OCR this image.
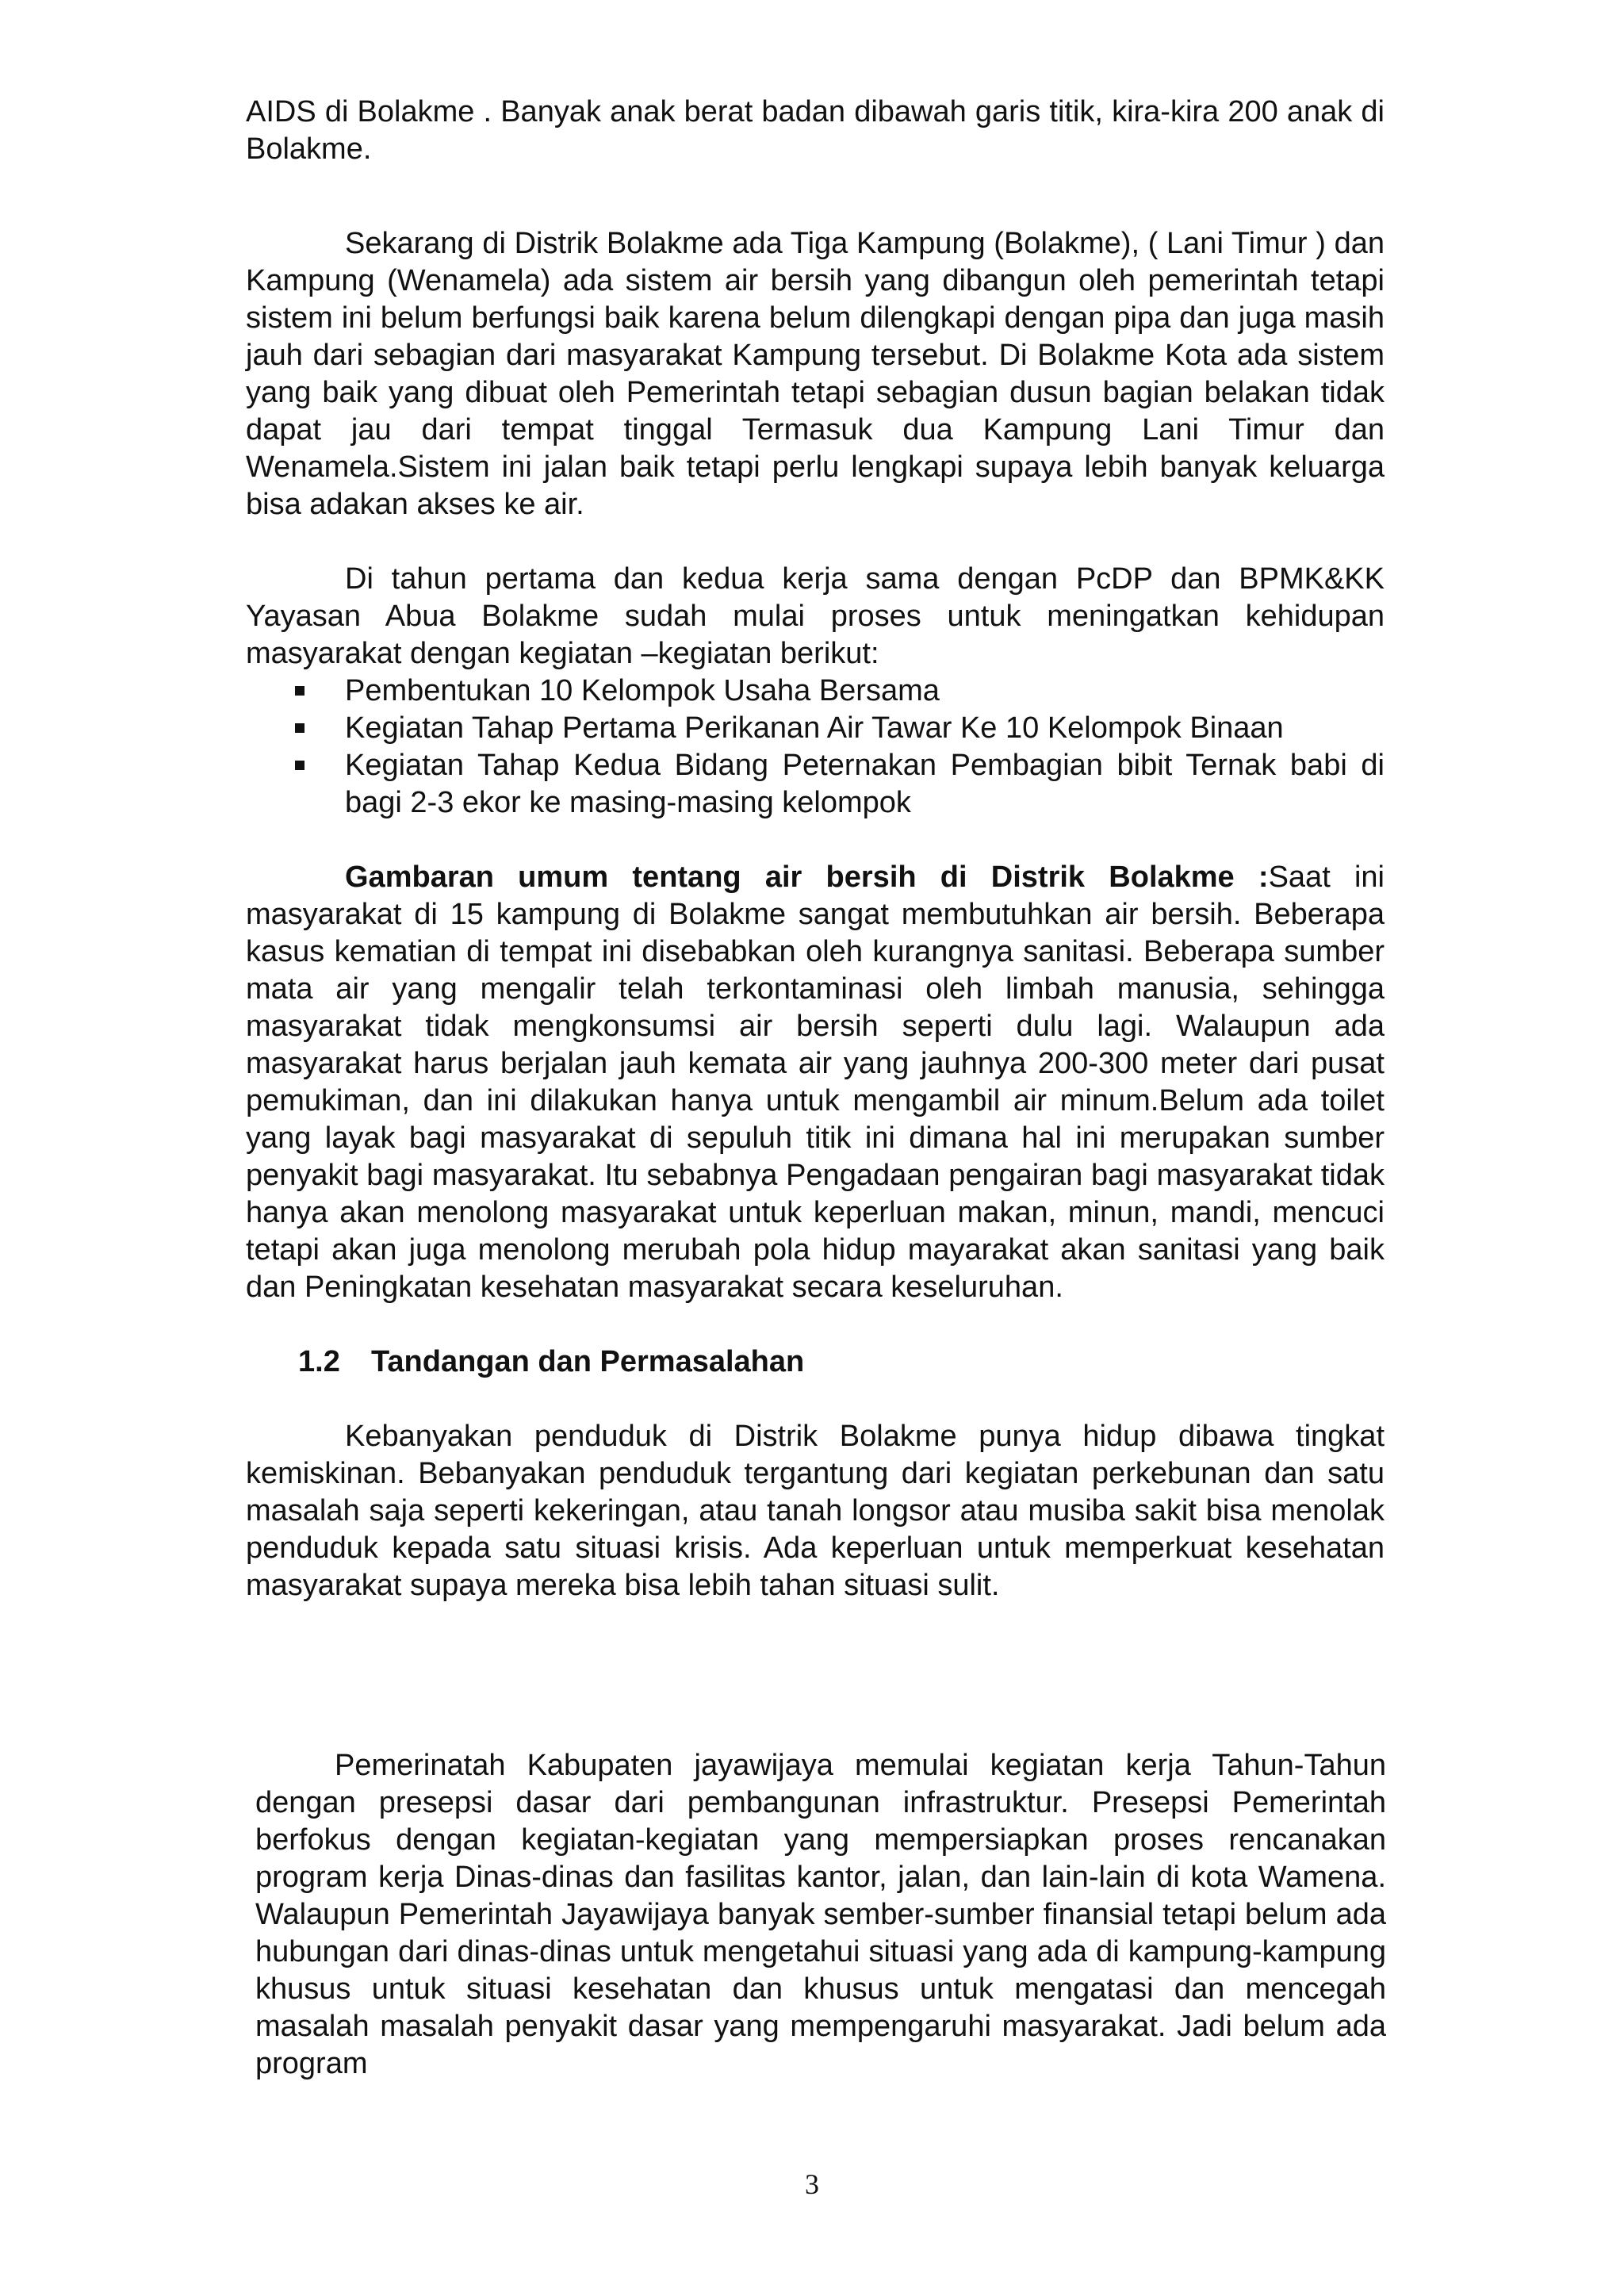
AIDS di Bolakme . Banyak anak berat badan dibawah garis titik, kira-kira 200 anak di Bolakme.

Sekarang di Distrik Bolakme ada Tiga Kampung (Bolakme), ( Lani Timur ) dan Kampung (Wenamela) ada sistem air bersih yang dibangun oleh pemerintah tetapi sistem ini belum berfungsi baik karena belum dilengkapi dengan pipa dan juga masih jauh dari sebagian dari masyarakat Kampung tersebut. Di Bolakme Kota ada sistem yang baik yang dibuat oleh Pemerintah tetapi sebagian dusun bagian belakan tidak dapat jau dari tempat tinggal Termasuk dua Kampung Lani Timur dan Wenamela.Sistem ini jalan baik tetapi perlu lengkapi supaya lebih banyak keluarga bisa adakan akses ke air.

Di tahun pertama dan kedua kerja sama dengan PcDP dan BPMK&KK Yayasan Abua Bolakme sudah mulai proses untuk meningatkan kehidupan masyarakat dengan kegiatan –kegiatan berikut:

Pembentukan 10 Kelompok Usaha Bersama
Kegiatan Tahap Pertama Perikanan Air Tawar Ke 10 Kelompok Binaan
Kegiatan Tahap Kedua Bidang Peternakan Pembagian bibit Ternak babi di bagi 2-3 ekor ke masing-masing kelompok

Gambaran umum tentang air bersih di Distrik Bolakme :Saat ini masyarakat di 15 kampung di Bolakme sangat membutuhkan air bersih. Beberapa kasus kematian di tempat ini disebabkan oleh kurangnya sanitasi. Beberapa sumber mata air yang mengalir telah terkontaminasi oleh limbah manusia, sehingga masyarakat tidak mengkonsumsi air bersih seperti dulu lagi. Walaupun ada masyarakat harus berjalan jauh kemata air yang jauhnya 200-300 meter dari pusat pemukiman, dan ini dilakukan hanya untuk mengambil air minum.Belum ada toilet yang layak bagi masyarakat di sepuluh titik ini dimana hal ini merupakan sumber penyakit bagi masyarakat. Itu sebabnya Pengadaan pengairan bagi masyarakat tidak hanya akan menolong masyarakat untuk keperluan makan, minun, mandi, mencuci tetapi akan juga menolong merubah pola hidup mayarakat akan sanitasi yang baik dan Peningkatan kesehatan masyarakat secara keseluruhan.

1.2 Tandangan dan Permasalahan

Kebanyakan penduduk di Distrik Bolakme punya hidup dibawa tingkat kemiskinan. Bebanyakan penduduk tergantung dari kegiatan perkebunan dan satu masalah saja seperti kekeringan, atau tanah longsor atau musiba sakit bisa menolak penduduk kepada satu situasi krisis. Ada keperluan untuk memperkuat kesehatan masyarakat supaya mereka bisa lebih tahan situasi sulit.

Pemerinatah Kabupaten jayawijaya memulai kegiatan kerja Tahun-Tahun dengan presepsi dasar dari pembangunan infrastruktur. Presepsi Pemerintah berfokus dengan kegiatan-kegiatan yang mempersiapkan proses rencanakan program kerja Dinas-dinas dan fasilitas kantor, jalan, dan lain-lain di kota Wamena. Walaupun Pemerintah Jayawijaya banyak sember-sumber finansial tetapi belum ada hubungan dari dinas-dinas untuk mengetahui situasi yang ada di kampung-kampung khusus untuk situasi kesehatan dan khusus untuk mengatasi dan mencegah masalah masalah penyakit dasar yang mempengaruhi masyarakat. Jadi belum ada program

3
